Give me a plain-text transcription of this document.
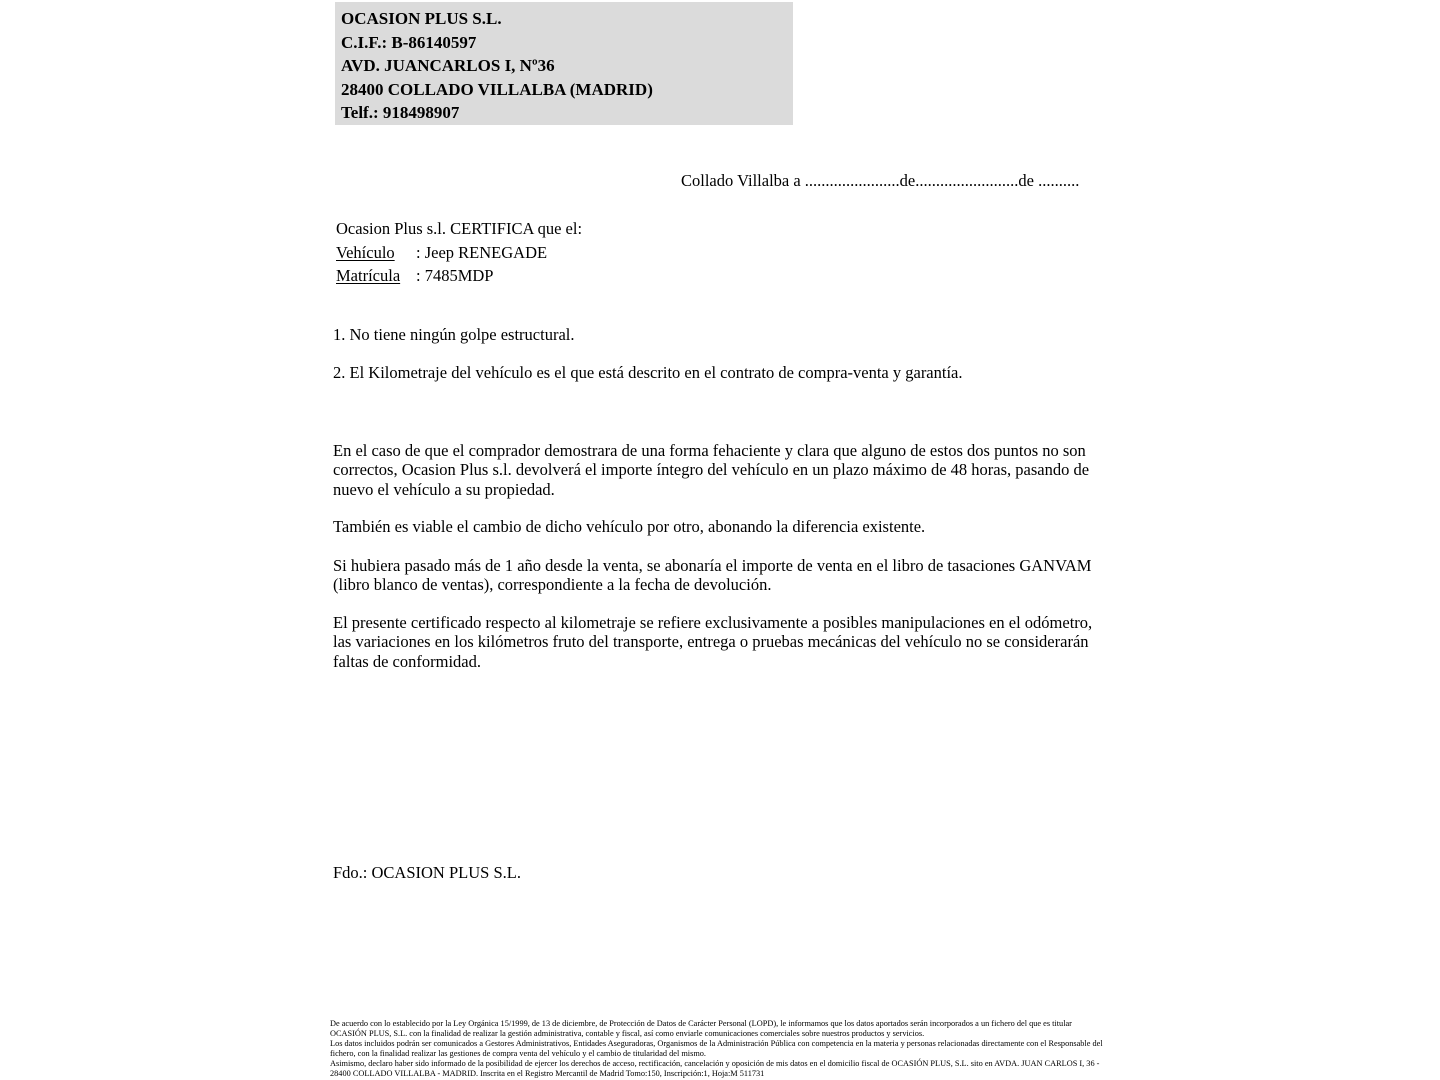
OCASION PLUS S.L.
C.I.F.: B-86140597
AVD. JUANCARLOS I, Nº36
28400 COLLADO VILLALBA (MADRID)
Telf.: 918498907
Collado Villalba a .......................de.........................de ..........
Ocasion Plus s.l. CERTIFICA que el:
Vehículo : Jeep RENEGADE
Matrícula : 7485MDP
1. No tiene ningún golpe estructural.
2. El Kilometraje del vehículo es el que está descrito en el contrato de compra-venta y garantía.
En el caso de que el comprador demostrara de una forma fehaciente y clara que alguno de estos dos puntos no son correctos, Ocasion Plus s.l. devolverá el importe íntegro del vehículo en un plazo máximo de 48 horas, pasando de nuevo el vehículo a su propiedad.
También es viable el cambio de dicho vehículo por otro, abonando la diferencia existente.
Si hubiera pasado más de 1 año desde la venta, se abonaría el importe de venta en el libro de tasaciones GANVAM (libro blanco de ventas), correspondiente a la fecha de devolución.
El presente certificado respecto al kilometraje se refiere exclusivamente a posibles manipulaciones en el odómetro, las variaciones en los kilómetros fruto del transporte, entrega o pruebas mecánicas del vehículo no se considerarán faltas de conformidad.
Fdo.: OCASION PLUS S.L.
De acuerdo con lo establecido por la Ley Orgánica 15/1999, de 13 de diciembre, de Protección de Datos de Carácter Personal (LOPD), le informamos que los datos aportados serán incorporados a un fichero del que es titular OCASIÓN PLUS, S.L. con la finalidad de realizar la gestión administrativa, contable y fiscal, así como enviarle comunicaciones comerciales sobre nuestros productos y servicios.
Los datos incluidos podrán ser comunicados a Gestores Administrativos, Entidades Aseguradoras, Organismos de la Administración Pública con competencia en la materia y personas relacionadas directamente con el Responsable del fichero, con la finalidad realizar las gestiones de compra venta del vehículo y el cambio de titularidad del mismo.
Asimismo, declaro haber sido informado de la posibilidad de ejercer los derechos de acceso, rectificación, cancelación y oposición de mis datos en el domicilio fiscal de OCASIÓN PLUS, S.L. sito en AVDA. JUAN CARLOS I, 36 - 28400 COLLADO VILLALBA - MADRID. Inscrita en el Registro Mercantil de Madrid Tomo:150, Inscripción:1, Hoja:M 511731
